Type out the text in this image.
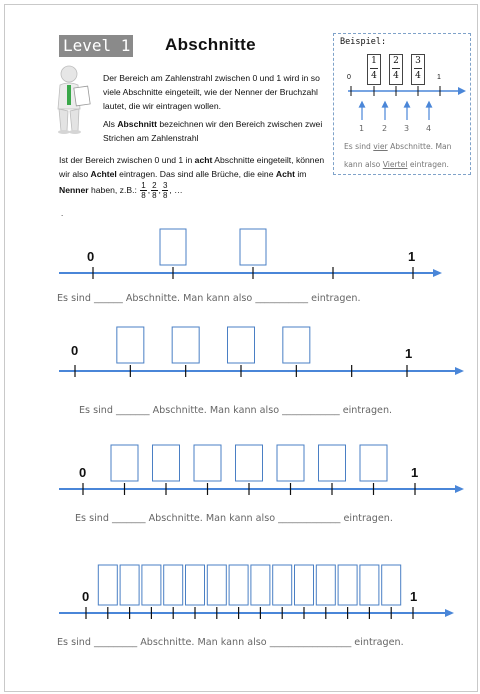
Level 1 Abschnitte
Der Bereich am Zahlenstrahl zwischen 0 und 1 wird in so viele Abschnitte eingeteilt, wie der Nenner der Bruchzahl lautet, die wir eintragen wollen.
Als Abschnitt bezeichnen wir den Bereich zwischen zwei Strichen am Zahlenstrahl
Ist der Bereich zwischen 0 und 1 in acht Abschnitte eingeteilt, können wir also Achtel eintragen. Das sind alle Brüche, die eine Acht im Nenner haben, z.B.: $\frac{1}{8}$ , $\frac{2}{8}$ , $\frac{3}{8}$ , …
.
Beispiel:
0	1
1
4
2
4
3
4
1 2 3 4
Es sind vier Abschnitte. Man
kann also Viertel eintragen.
0	1
Es sind ______ Abschnitte. Man kann also ___________ eintragen.
0	1
Es sind _______ Abschnitte. Man kann also ____________ eintragen.
0	1
Es sind _______ Abschnitte. Man kann also _____________ eintragen.
0	1
Es sind _________ Abschnitte. Man kann also _________________ eintragen.
